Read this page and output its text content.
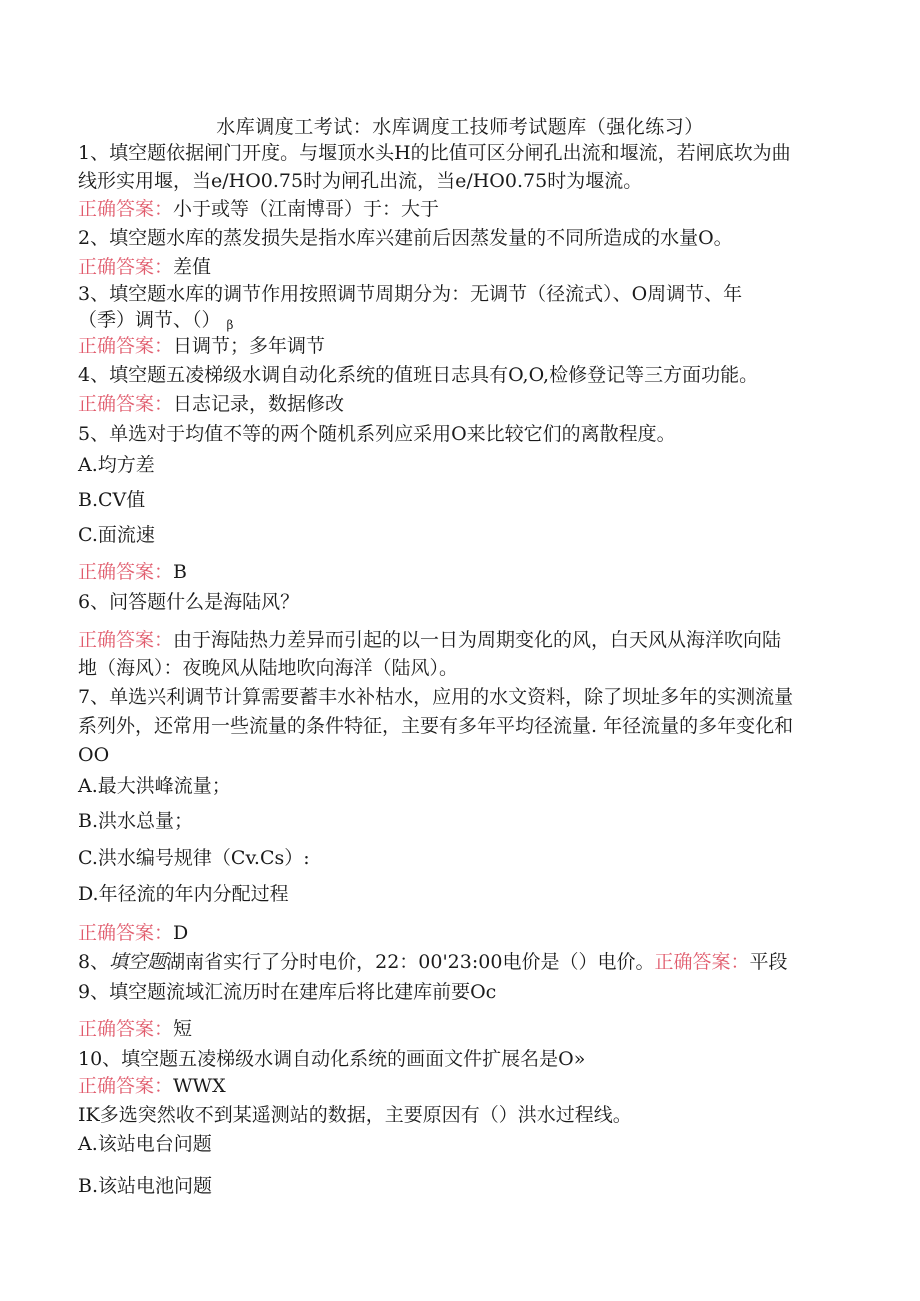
水库调度工考试：水库调度工技师考试题库（强化练习）
1、填空题依据闸门开度。与堰顶水头H的比值可区分闸孔出流和堰流，若闸底坎为曲
线形实用堰，当e/HO0.75时为闸孔出流，当e/HO0.75时为堰流。
正确答案：小于或等（江南博哥）于：大于
2、填空题水库的蒸发损失是指水库兴建前后因蒸发量的不同所造成的水量O。
正确答案：差值
3、填空题水库的调节作用按照调节周期分为：无调节（径流式）、O周调节、年
（季）调节、（） β
正确答案：日调节；多年调节
4、填空题五凌梯级水调自动化系统的值班日志具有O,O,检修登记等三方面功能。
正确答案：日志记录，数据修改
5、单选对于均值不等的两个随机系列应采用O来比较它们的离散程度。
A.均方差
B.CV值
C.面流速
正确答案：B
6、问答题什么是海陆风？
正确答案：由于海陆热力差异而引起的以一日为周期变化的风，白天风从海洋吹向陆
地（海风）：夜晚风从陆地吹向海洋（陆风）。
7、单选兴利调节计算需要蓄丰水补枯水，应用的水文资料，除了坝址多年的实测流量
系列外，还常用一些流量的条件特征，主要有多年平均径流量. 年径流量的多年变化和
OO
A.最大洪峰流量；
B.洪水总量；
C.洪水编号规律（Cv.Cs）:
D.年径流的年内分配过程
正确答案：D
8、填空题湖南省实行了分时电价，22：00'23:00电价是（）电价。正确答案：平段
9、填空题流域汇流历时在建库后将比建库前要Oc
正确答案：短
10、填空题五凌梯级水调自动化系统的画面文件扩展名是O»
正确答案：WWX
IK多选突然收不到某遥测站的数据，主要原因有（）洪水过程线。
A.该站电台问题
B.该站电池问题
